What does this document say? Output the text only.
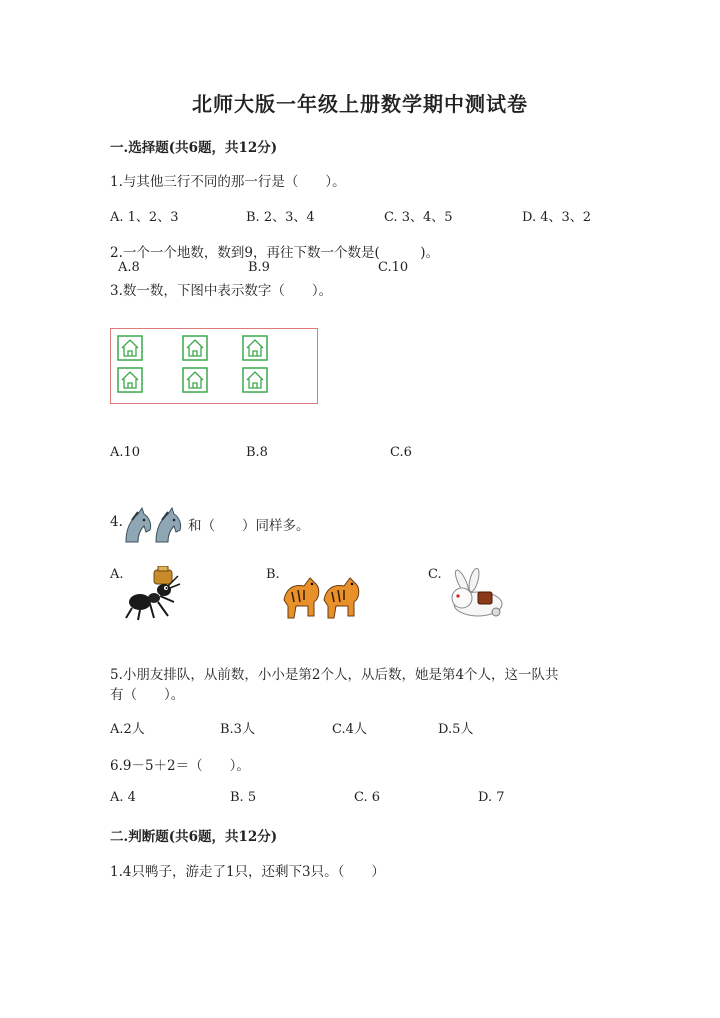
北师大版一年级上册数学期中测试卷
一.选择题(共6题，共12分)
1.与其他三行不同的那一行是（　　）。
A. 1、2、3	B. 2、3、4	C. 3、4、5	D. 4、3、2
2.一个一个地数，数到9，再往下数一个数是(　　　)。
A.8	B.9	C.10
3.数一数，下图中表示数字（　　）。
A.10	B.8	C.6
4.	和（　　）同样多。
A.	B.	C.
5.小朋友排队，从前数，小小是第2个人，从后数，她是第4个人，这一队共
有（　　）。
A.2人	B.3人	C.4人	D.5人
6.9－5＋2＝（　　）。
A. 4	B. 5	C. 6	D. 7
二.判断题(共6题，共12分)
1.4只鸭子，游走了1只，还剩下3只。（　　）
